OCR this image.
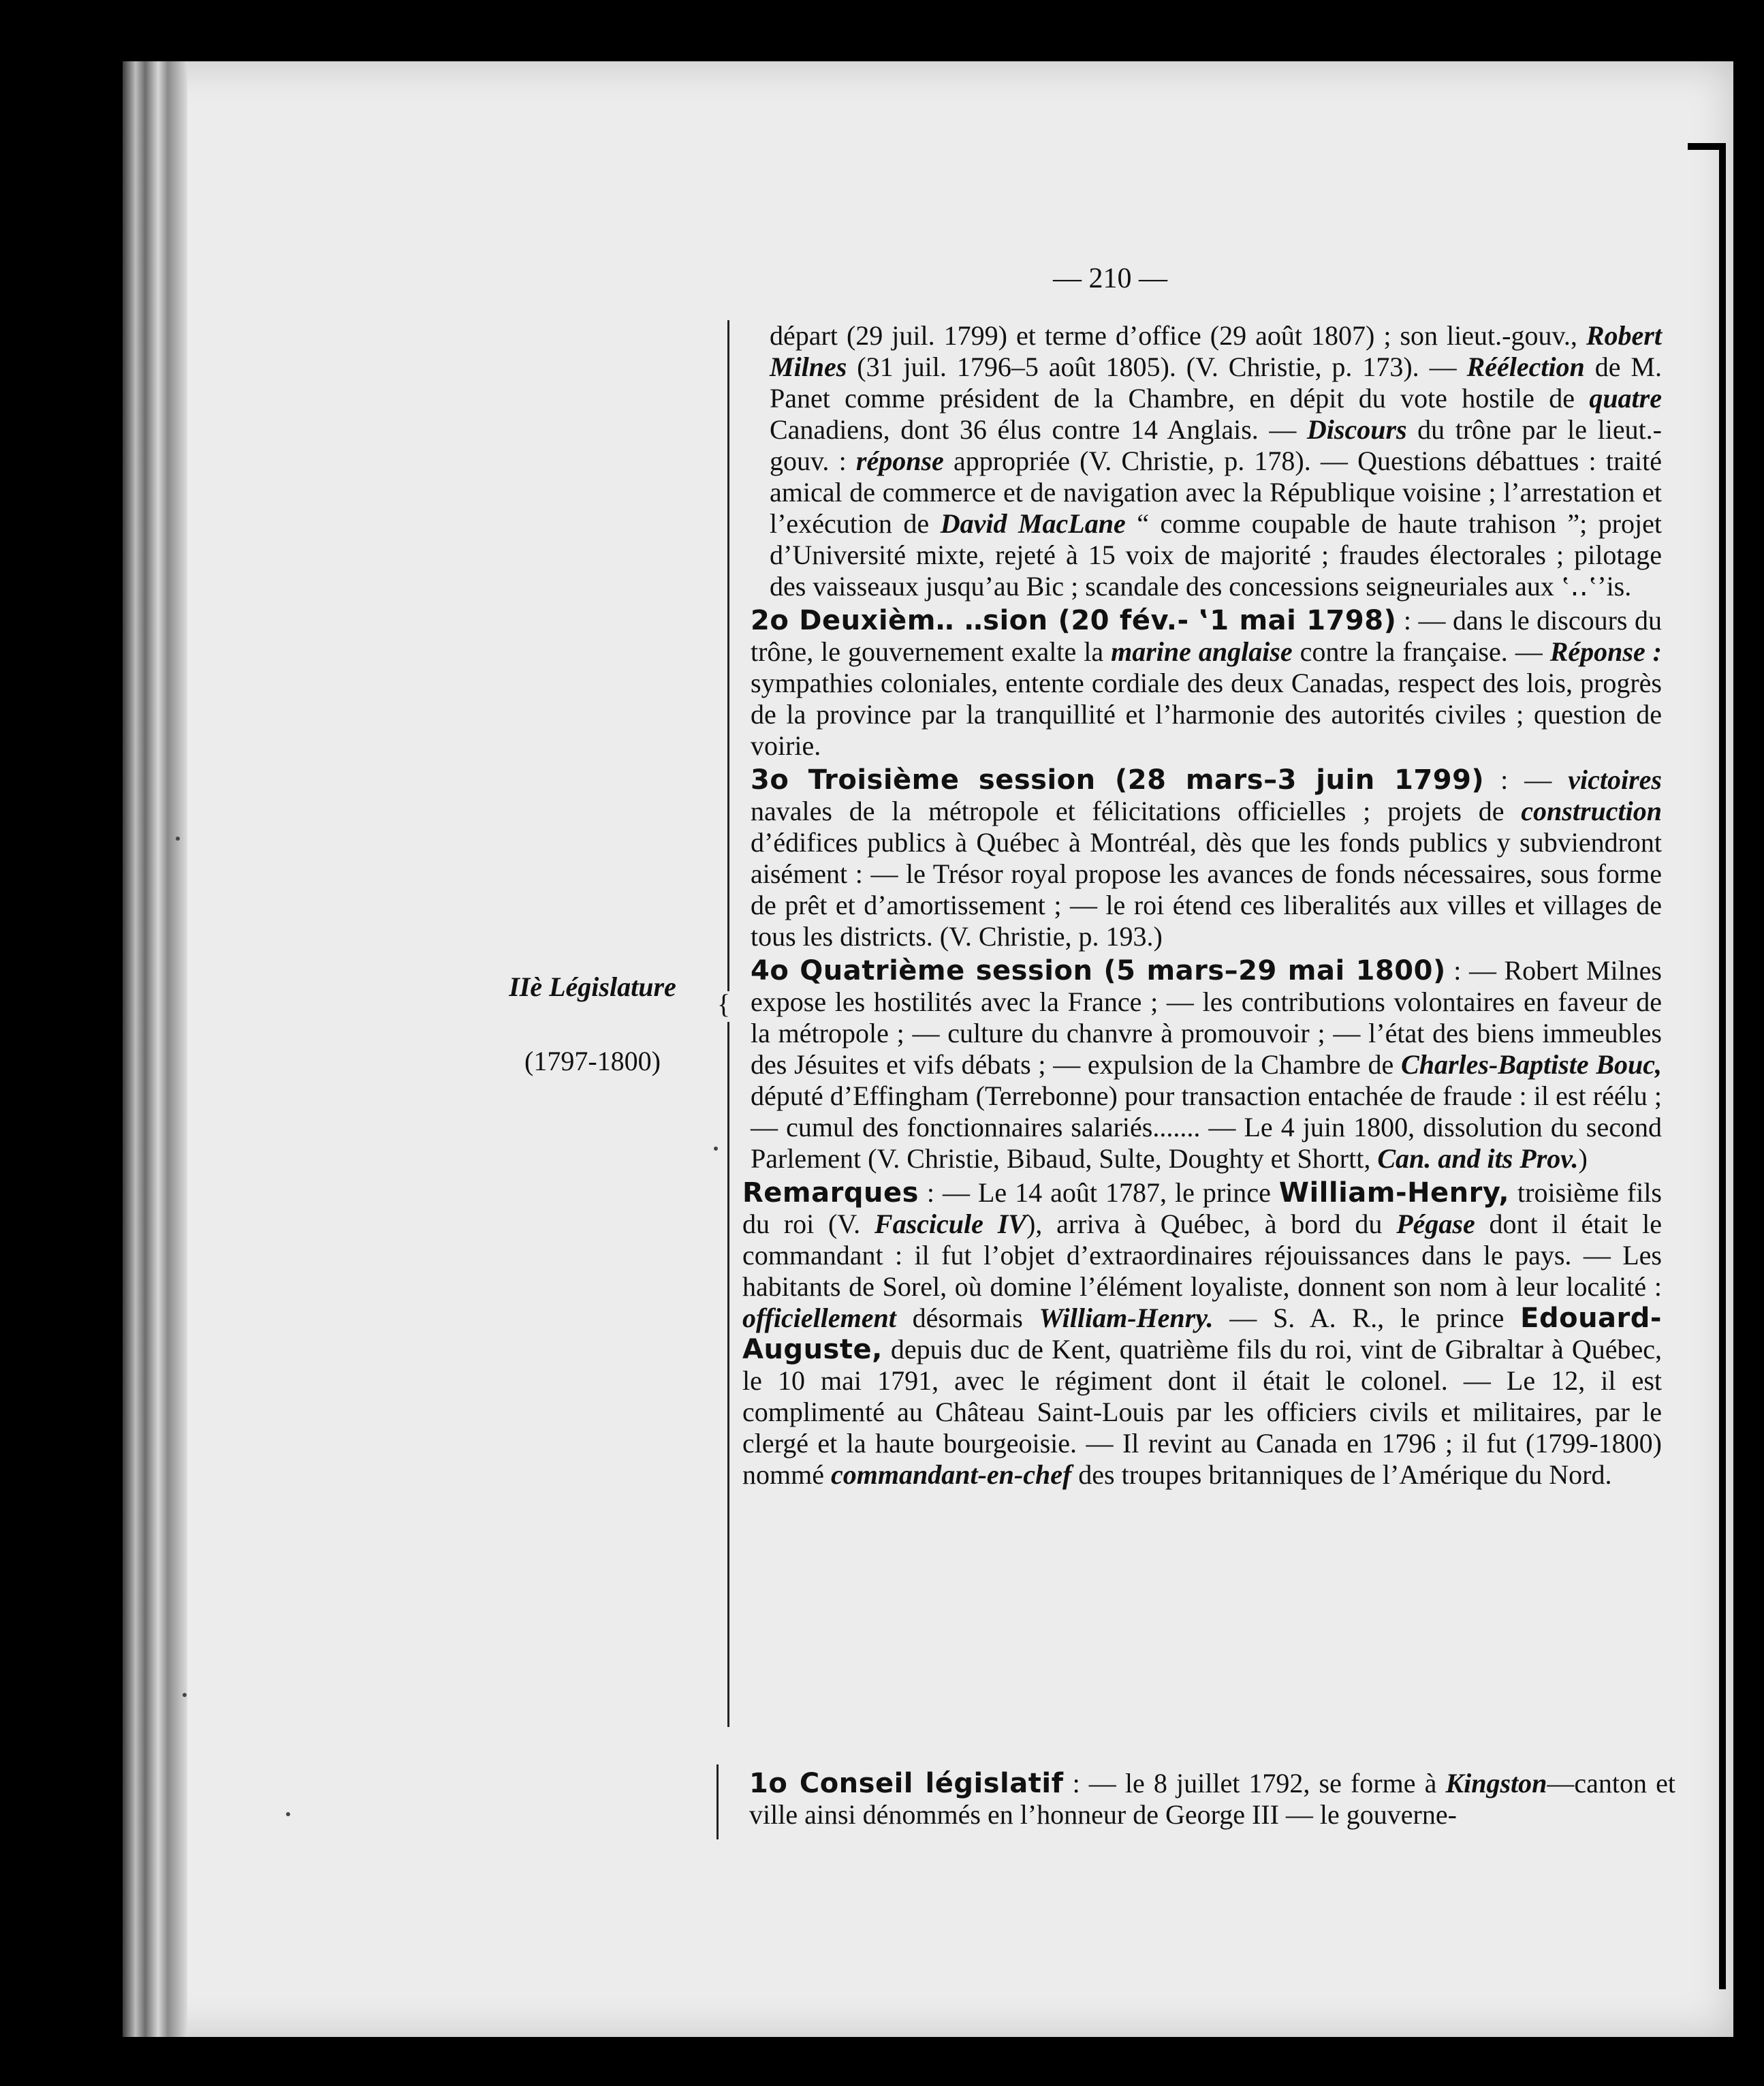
— 210 —
IIè Législature
(1797-1800)
{

départ (29 juil. 1799) et terme d’office (29 août 1807) ; son lieut.-gouv., Robert Milnes (31 juil. 1796–5 août 1805). (V. Christie, p. 173). — Réélection de M. Panet comme président de la Chambre, en dépit du vote hostile de quatre Canadiens, dont 36 élus contre 14 Anglais. — Discours du trône par le lieut.-gouv. : réponse appropriée (V. Christie, p. 178). — Questions débattues : traité amical de commerce et de navigation avec la République voisine ; l’arrestation et l’exécution de David MacLane “ comme coupable de haute trahison ”; projet d’Université mixte, rejeté à 15 voix de majorité ; fraudes électorales ; pilotage des vaisseaux jusqu’au Bic ; scandale des concessions seigneuriales aux ‛‥‛ʼis.

2o Deuxièm‥ ‥sion (20 fév.- ‛1 mai 1798) : — dans le discours du trône, le gouvernement exalte la marine anglaise contre la française. — Réponse : sympathies coloniales, entente cordiale des deux Canadas, respect des lois, progrès de la province par la tranquillité et l’harmonie des autorités civiles ; question de voirie.

3o Troisième session (28 mars–3 juin 1799) : — victoires navales de la métropole et félicitations officielles ; projets de construction d’édifices publics à Québec à Montréal, dès que les fonds publics y subviendront aisément : — le Trésor royal propose les avances de fonds nécessaires, sous forme de prêt et d’amortissement ; — le roi étend ces liberalités aux villes et villages de tous les districts. (V. Christie, p. 193.)

4o Quatrième session (5 mars–29 mai 1800) : — Robert Milnes expose les hostilités avec la France ; — les contributions volontaires en faveur de la métropole ; — culture du chanvre à promouvoir ; — l’état des biens immeubles des Jésuites et vifs débats ; — expulsion de la Chambre de Charles-Baptiste Bouc, député d’Effingham (Terrebonne) pour transaction entachée de fraude : il est réélu ; — cumul des fonctionnaires salariés....... — Le 4 juin 1800, dissolution du second Parlement (V. Christie, Bibaud, Sulte, Doughty et Shortt, Can. and its Prov.)

Remarques : — Le 14 août 1787, le prince William-Henry, troisième fils du roi (V. Fascicule IV), arriva à Québec, à bord du Pégase dont il était le commandant : il fut l’objet d’extraordinaires réjouissances dans le pays. — Les habitants de Sorel, où domine l’élément loyaliste, donnent son nom à leur localité : officiellement désormais William-Henry. — S. A. R., le prince Edouard-Auguste, depuis duc de Kent, quatrième fils du roi, vint de Gibraltar à Québec, le 10 mai 1791, avec le régiment dont il était le colonel. — Le 12, il est complimenté au Château Saint-Louis par les officiers civils et militaires, par le clergé et la haute bourgeoisie. — Il revint au Canada en 1796 ; il fut (1799-1800) nommé commandant-en-chef des troupes britanniques de l’Amérique du Nord.

1o Conseil législatif : — le 8 juillet 1792, se forme à Kingston—canton et ville ainsi dénommés en l’honneur de George III — le gouverne-
